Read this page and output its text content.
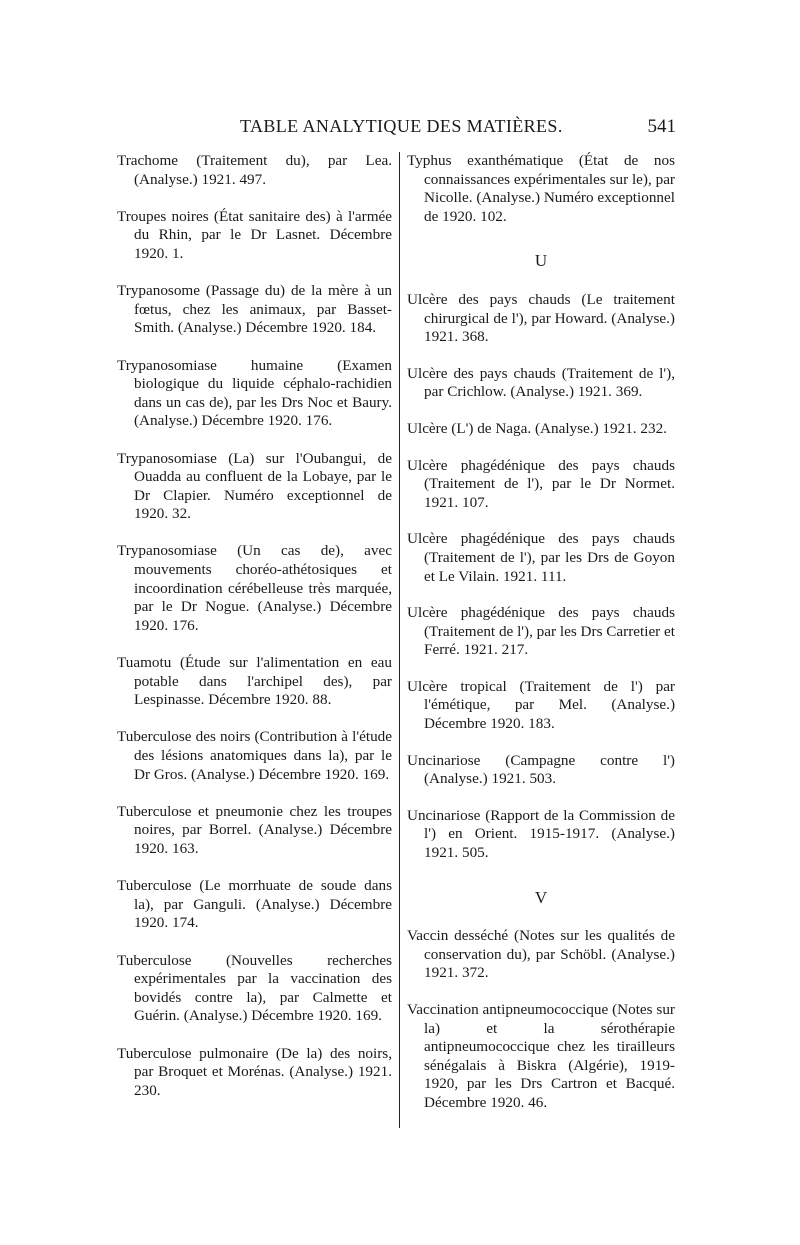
TABLE ANALYTIQUE DES MATIÈRES.	541

Trachome (Traitement du), par Lea. (Analyse.) 1921. 497.

Troupes noires (État sanitaire des) à l'armée du Rhin, par le Dr Lasnet. Décembre 1920. 1.

Trypanosome (Passage du) de la mère à un fœtus, chez les animaux, par Basset-Smith. (Analyse.) Décembre 1920. 184.

Trypanosomiase humaine (Examen biologique du liquide céphalo-rachidien dans un cas de), par les Drs Noc et Baury. (Analyse.) Décembre 1920. 176.

Trypanosomiase (La) sur l'Oubangui, de Ouadda au confluent de la Lobaye, par le Dr Clapier. Numéro exceptionnel de 1920. 32.

Trypanosomiase (Un cas de), avec mouvements choréo-athétosiques et incoordination cérébelleuse très marquée, par le Dr Nogue. (Analyse.) Décembre 1920. 176.

Tuamotu (Étude sur l'alimentation en eau potable dans l'archipel des), par Lespinasse. Décembre 1920. 88.

Tuberculose des noirs (Contribution à l'étude des lésions anatomiques dans la), par le Dr Gros. (Analyse.) Décembre 1920. 169.

Tuberculose et pneumonie chez les troupes noires, par Borrel. (Analyse.) Décembre 1920. 163.

Tuberculose (Le morrhuate de soude dans la), par Ganguli. (Analyse.) Décembre 1920. 174.

Tuberculose (Nouvelles recherches expérimentales par la vaccination des bovidés contre la), par Calmette et Guérin. (Analyse.) Décembre 1920. 169.

Tuberculose pulmonaire (De la) des noirs, par Broquet et Morénas. (Analyse.) 1921. 230.

Typhus exanthématique (État de nos connaissances expérimentales sur le), par Nicolle. (Analyse.) Numéro exceptionnel de 1920. 102.

U

Ulcère des pays chauds (Le traitement chirurgical de l'), par Howard. (Analyse.) 1921. 368.

Ulcère des pays chauds (Traitement de l'), par Crichlow. (Analyse.) 1921. 369.

Ulcère (L') de Naga. (Analyse.) 1921. 232.

Ulcère phagédénique des pays chauds (Traitement de l'), par le Dr Normet. 1921. 107.

Ulcère phagédénique des pays chauds (Traitement de l'), par les Drs de Goyon et Le Vilain. 1921. 111.

Ulcère phagédénique des pays chauds (Traitement de l'), par les Drs Carretier et Ferré. 1921. 217.

Ulcère tropical (Traitement de l') par l'émétique, par Mel. (Analyse.) Décembre 1920. 183.

Uncinariose (Campagne contre l') (Analyse.) 1921. 503.

Uncinariose (Rapport de la Commission de l') en Orient. 1915-1917. (Analyse.) 1921. 505.

V

Vaccin desséché (Notes sur les qualités de conservation du), par Schöbl. (Analyse.) 1921. 372.

Vaccination antipneumococcique (Notes sur la) et la sérothérapie antipneumococcique chez les tirailleurs sénégalais à Biskra (Algérie), 1919-1920, par les Drs Cartron et Bacqué. Décembre 1920. 46.
